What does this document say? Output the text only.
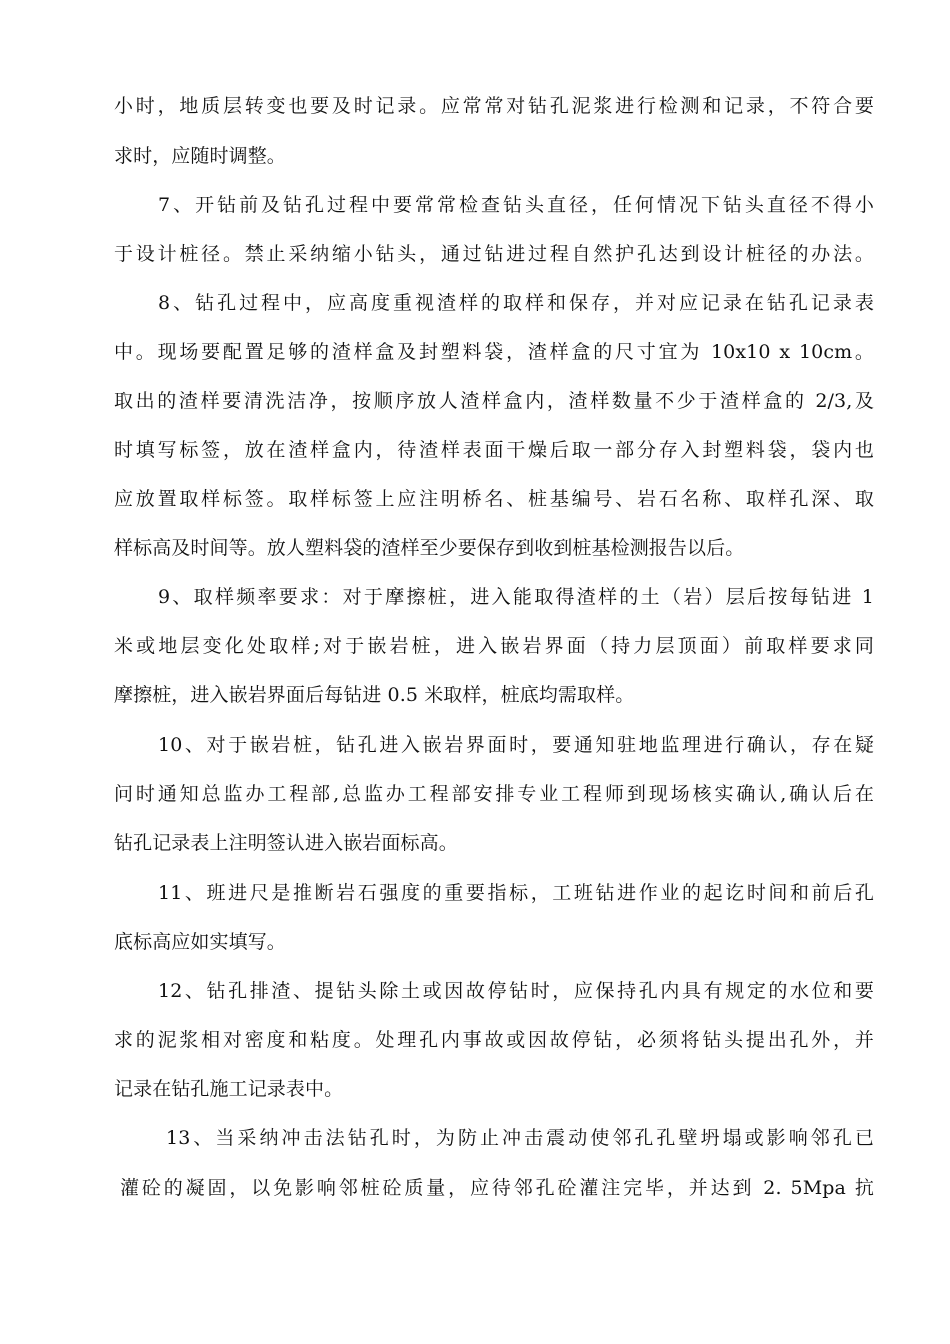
小时，地质层转变也要及时记录。应常常对钻孔泥浆进行检测和记录，不符合要
求时，应随时调整。
7、开钻前及钻孔过程中要常常检查钻头直径，任何情况下钻头直径不得小
于设计桩径。禁止采纳缩小钻头，通过钻进过程自然护孔达到设计桩径的办法。
8、钻孔过程中，应高度重视渣样的取样和保存，并对应记录在钻孔记录表
中。现场要配置足够的渣样盒及封塑料袋，渣样盒的尺寸宜为 10x10 x 10cm。
取出的渣样要清洗洁净，按顺序放人渣样盒内，渣样数量不少于渣样盒的 2/3,及
时填写标签，放在渣样盒内，待渣样表面干燥后取一部分存入封塑料袋，袋内也
应放置取样标签。取样标签上应注明桥名、桩基编号、岩石名称、取样孔深、取
样标高及时间等。放人塑料袋的渣样至少要保存到收到桩基检测报告以后。
9、取样频率要求：对于摩擦桩，进入能取得渣样的土（岩）层后按每钻进 1
米或地层变化处取样;对于嵌岩桩，进入嵌岩界面（持力层顶面）前取样要求同
摩擦桩，进入嵌岩界面后每钻进 0.5 米取样，桩底均需取样。
10、对于嵌岩桩，钻孔进入嵌岩界面时，要通知驻地监理进行确认，存在疑
问时通知总监办工程部,总监办工程部安排专业工程师到现场核实确认,确认后在
钻孔记录表上注明签认进入嵌岩面标高。
11、班进尺是推断岩石强度的重要指标，工班钻进作业的起讫时间和前后孔
底标高应如实填写。
12、钻孔排渣、提钻头除土或因故停钻时，应保持孔内具有规定的水位和要
求的泥浆相对密度和粘度。处理孔内事故或因故停钻，必须将钻头提出孔外，并
记录在钻孔施工记录表中。
13、当采纳冲击法钻孔时，为防止冲击震动使邻孔孔壁坍塌或影响邻孔已
灌砼的凝固，以免影响邻桩砼质量，应待邻孔砼灌注完毕，并达到 2. 5Mpa 抗
